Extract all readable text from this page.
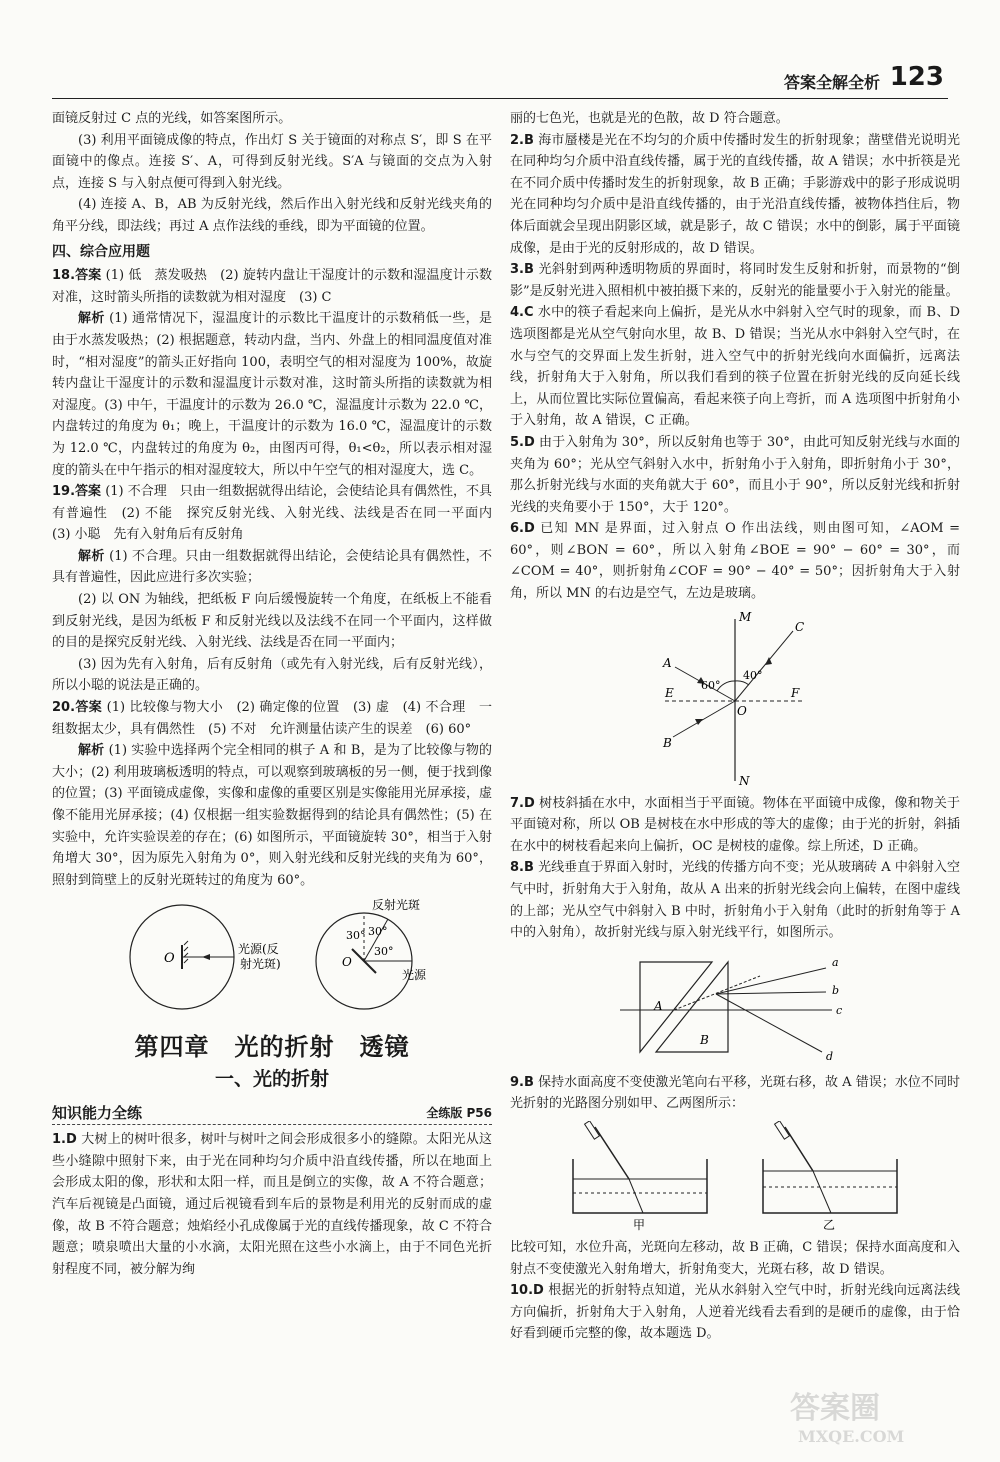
答案全解全析 123

面镜反射过 C 点的光线，如答案图所示。

(3) 利用平面镜成像的特点，作出灯 S 关于镜面的对称点 S′，即 S 在平面镜中的像点。连接 S′、A，可得到反射光线。S′A 与镜面的交点为入射点，连接 S 与入射点便可得到入射光线。

(4) 连接 A、B，AB 为反射光线，然后作出入射光线和反射光线夹角的角平分线，即法线；再过 A 点作法线的垂线，即为平面镜的位置。

四、综合应用题

18.答案 (1) 低　蒸发吸热　(2) 旋转内盘让干湿度计的示数和湿温度计示数对准，这时箭头所指的读数就为相对湿度　(3) C

解析 (1) 通常情况下，湿温度计的示数比干温度计的示数稍低一些，是由于水蒸发吸热；(2) 根据题意，转动内盘，当内、外盘上的相同温度值对准时，“相对湿度”的箭头正好指向 100，表明空气的相对湿度为 100%，故旋转内盘让干湿度计的示数和湿温度计示数对准，这时箭头所指的读数就为相对湿度。(3) 中午，干温度计的示数为 26.0 ℃，湿温度计示数为 22.0 ℃，内盘转过的角度为 θ₁；晚上，干温度计的示数为 16.0 ℃，湿温度计的示数为 12.0 ℃，内盘转过的角度为 θ₂，由图丙可得，θ₁<θ₂，所以表示相对湿度的箭头在中午指示的相对湿度较大，所以中午空气的相对湿度大，选 C。

19.答案 (1) 不合理　只由一组数据就得出结论，会使结论具有偶然性，不具有普遍性　(2) 不能　探究反射光线、入射光线、法线是否在同一平面内　(3) 小聪　先有入射角后有反射角

解析 (1) 不合理。只由一组数据就得出结论，会使结论具有偶然性，不具有普遍性，因此应进行多次实验；

(2) 以 ON 为轴线，把纸板 F 向后缓慢旋转一个角度，在纸板上不能看到反射光线，是因为纸板 F 和反射光线以及法线不在同一个平面内，这样做的目的是探究反射光线、入射光线、法线是否在同一平面内；

(3) 因为先有入射角，后有反射角（或先有入射光线，后有反射光线），所以小聪的说法是正确的。

20.答案 (1) 比较像与物大小　(2) 确定像的位置　(3) 虚　(4) 不合理　一组数据太少，具有偶然性　(5) 不对　允许测量估读产生的误差　(6) 60°

解析 (1) 实验中选择两个完全相同的棋子 A 和 B，是为了比较像与物的大小；(2) 利用玻璃板透明的特点，可以观察到玻璃板的另一侧，便于找到像的位置；(3) 平面镜成虚像，实像和虚像的重要区别是实像能用光屏承接，虚像不能用光屏承接；(4) 仅根据一组实验数据得到的结论具有偶然性；(5) 在实验中，允许实验误差的存在；(6) 如图所示，平面镜旋转 30°，相当于入射角增大 30°，因为原先入射角为 0°，则入射光线和反射光线的夹角为 60°，照射到筒壁上的反射光斑转过的角度为 60°。

O
光源(反
射光斑)	O
30° 30°
30°
反射光斑
光源
第四章　光的折射　透镜
一、光的折射
知识能力全练	全练版 P56

1.D 大树上的树叶很多，树叶与树叶之间会形成很多小的缝隙。太阳光从这些小缝隙中照射下来，由于光在同种均匀介质中沿直线传播，所以在地面上会形成太阳的像，形状和太阳一样，而且是倒立的实像，故 A 不符合题意；汽车后视镜是凸面镜，通过后视镜看到车后的景物是利用光的反射而成的虚像，故 B 不符合题意；烛焰经小孔成像属于光的直线传播现象，故 C 不符合题意；喷泉喷出大量的小水滴，太阳光照在这些小水滴上，由于不同色光折射程度不同，被分解为绚

丽的七色光，也就是光的色散，故 D 符合题意。

2.B 海市蜃楼是光在不均匀的介质中传播时发生的折射现象；凿壁借光说明光在同种均匀介质中沿直线传播，属于光的直线传播，故 A 错误；水中折筷是光在不同介质中传播时发生的折射现象，故 B 正确；手影游戏中的影子形成说明光在同种均匀介质中是沿直线传播的，由于光沿直线传播，被物体挡住后，物体后面就会呈现出阴影区域，就是影子，故 C 错误；水中的倒影，属于平面镜成像，是由于光的反射形成的，故 D 错误。

3.B 光斜射到两种透明物质的界面时，将同时发生反射和折射，而景物的“倒影”是反射光进入照相机中被拍摄下来的，反射光的能量要小于入射光的能量。

4.C 水中的筷子看起来向上偏折，是光从水中斜射入空气时的现象，而 B、D 选项图都是光从空气射向水里，故 B、D 错误；当光从水中斜射入空气时，在水与空气的交界面上发生折射，进入空气中的折射光线向水面偏折，远离法线，折射角大于入射角，所以我们看到的筷子位置在折射光线的反向延长线上，从而位置比实际位置偏高，看起来筷子向上弯折，而 A 选项图中折射角小于入射角，故 A 错误，C 正确。

5.D 由于入射角为 30°，所以反射角也等于 30°，由此可知反射光线与水面的夹角为 60°；光从空气斜射入水中，折射角小于入射角，即折射角小于 30°，那么折射光线与水面的夹角就大于 60°，而且小于 90°，所以反射光线和折射光线的夹角要小于 150°，大于 120°。

6.D 已知 MN 是界面，过入射点 O 作出法线，则由图可知，∠AOM = 60°，则∠BON = 60°，所以入射角∠BOE = 90° − 60° = 30°，而∠COM = 40°，则折射角∠COF = 90° − 40° = 50°；因折射角大于入射角，所以 MN 的右边是空气，左边是玻璃。

M
N
E	F
O
A
B
C
60°
40°

7.D 树枝斜插在水中，水面相当于平面镜。物体在平面镜中成像，像和物关于平面镜对称，所以 OB 是树枝在水中形成的等大的虚像；由于光的折射，斜插在水中的树枝看起来向上偏折，OC 是树枝的虚像。综上所述，D 正确。

8.B 光线垂直于界面入射时，光线的传播方向不变；光从玻璃砖 A 中斜射入空气中时，折射角大于入射角，故从 A 出来的折射光线会向上偏转，在图中虚线的上部；光从空气中斜射入 B 中时，折射角小于入射角（此时的折射角等于 A 中的入射角），故折射光线与原入射光线平行，如图所示。

A
B
a
b
c
d

9.B 保持水面高度不变使激光笔向右平移，光斑右移，故 A 错误；水位不同时光折射的光路图分别如甲、乙两图所示：

甲	乙

比较可知，水位升高，光斑向左移动，故 B 正确，C 错误；保持水面高度和入射点不变使激光入射角增大，折射角变大，光斑右移，故 D 错误。

10.D 根据光的折射特点知道，光从水斜射入空气中时，折射光线向远离法线方向偏折，折射角大于入射角，人逆着光线看去看到的是硬币的虚像，由于恰好看到硬币完整的像，故本题选 D。

答案圈
MXQE.COM
